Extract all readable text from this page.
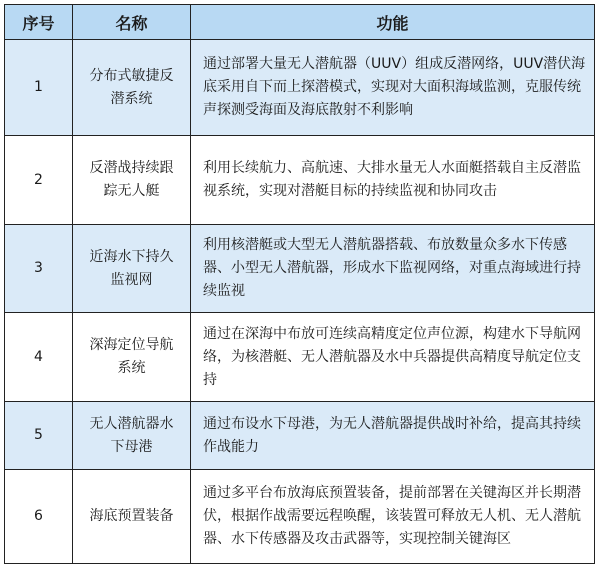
序号	名称	功能
1	分布式敏捷反潜系统	通过部署大量无人潜航器（UUV）组成反潜网络，UUV潜伏海底采用自下而上探潜模式，实现对大面积海域监测，克服传统声探测受海面及海底散射不利影响
2	反潜战持续跟踪无人艇	利用长续航力、高航速、大排水量无人水面艇搭载自主反潜监视系统，实现对潜艇目标的持续监视和协同攻击
3	近海水下持久监视网	利用核潜艇或大型无人潜航器搭载、布放数量众多水下传感器、小型无人潜航器，形成水下监视网络，对重点海域进行持续监视
4	深海定位导航系统	通过在深海中布放可连续高精度定位声位源，构建水下导航网络，为核潜艇、无人潜航器及水中兵器提供高精度导航定位支持
5	无人潜航器水下母港	通过布设水下母港，为无人潜航器提供战时补给，提高其持续作战能力
6	海底预置装备	通过多平台布放海底预置装备，提前部署在关键海区并长期潜伏，根据作战需要远程唤醒，该装置可释放无人机、无人潜航器、水下传感器及攻击武器等，实现控制关键海区
